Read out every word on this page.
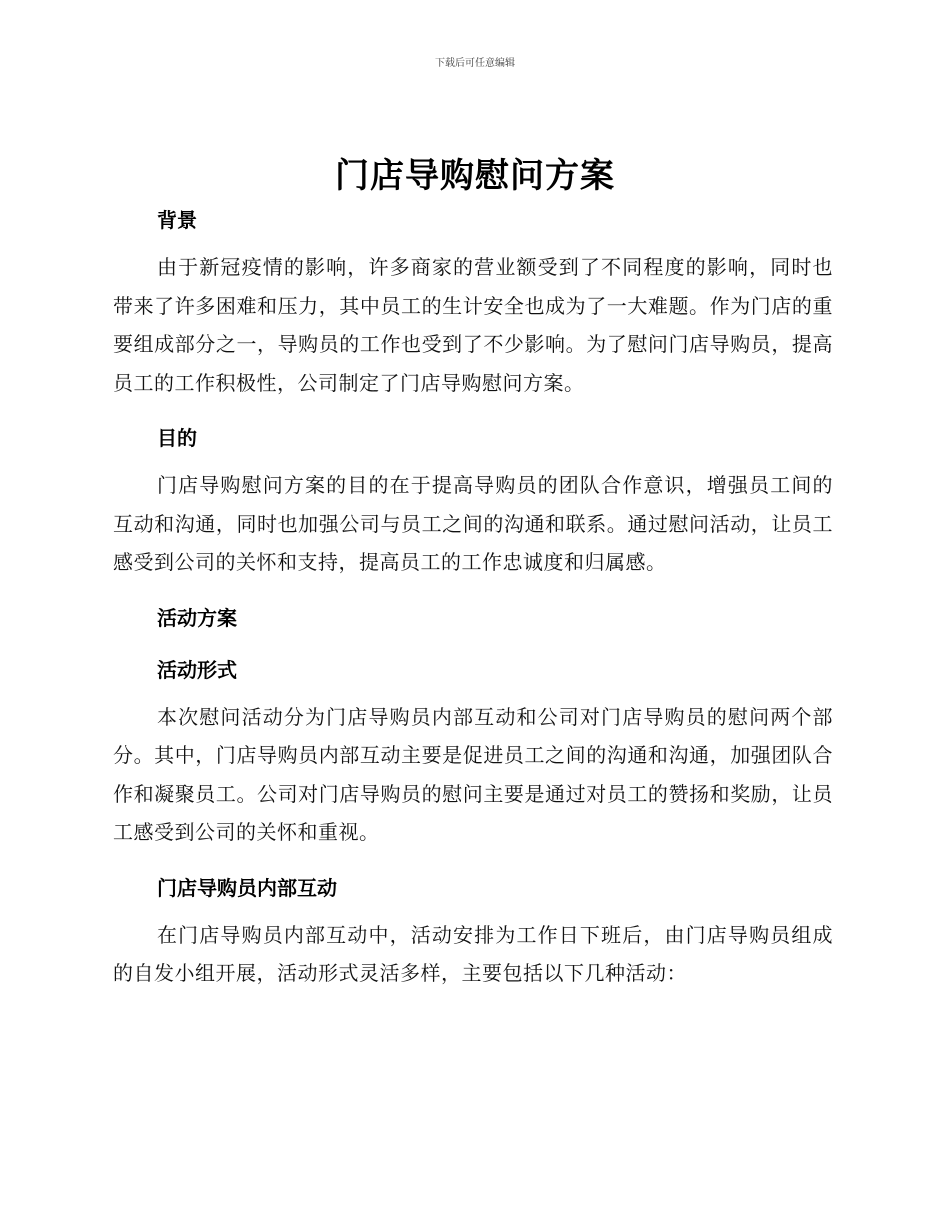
下载后可任意编辑
门店导购慰问方案
背景

由于新冠疫情的影响，许多商家的营业额受到了不同程度的影响，同时也带来了许多困难和压力，其中员工的生计安全也成为了一大难题。作为门店的重要组成部分之一，导购员的工作也受到了不少影响。为了慰问门店导购员，提高员工的工作积极性，公司制定了门店导购慰问方案。

目的

门店导购慰问方案的目的在于提高导购员的团队合作意识，增强员工间的互动和沟通，同时也加强公司与员工之间的沟通和联系。通过慰问活动，让员工感受到公司的关怀和支持，提高员工的工作忠诚度和归属感。

活动方案
活动形式

本次慰问活动分为门店导购员内部互动和公司对门店导购员的慰问两个部分。其中，门店导购员内部互动主要是促进员工之间的沟通和沟通，加强团队合作和凝聚员工。公司对门店导购员的慰问主要是通过对员工的赞扬和奖励，让员工感受到公司的关怀和重视。

门店导购员内部互动

在门店导购员内部互动中，活动安排为工作日下班后，由门店导购员组成的自发小组开展，活动形式灵活多样，主要包括以下几种活动：
